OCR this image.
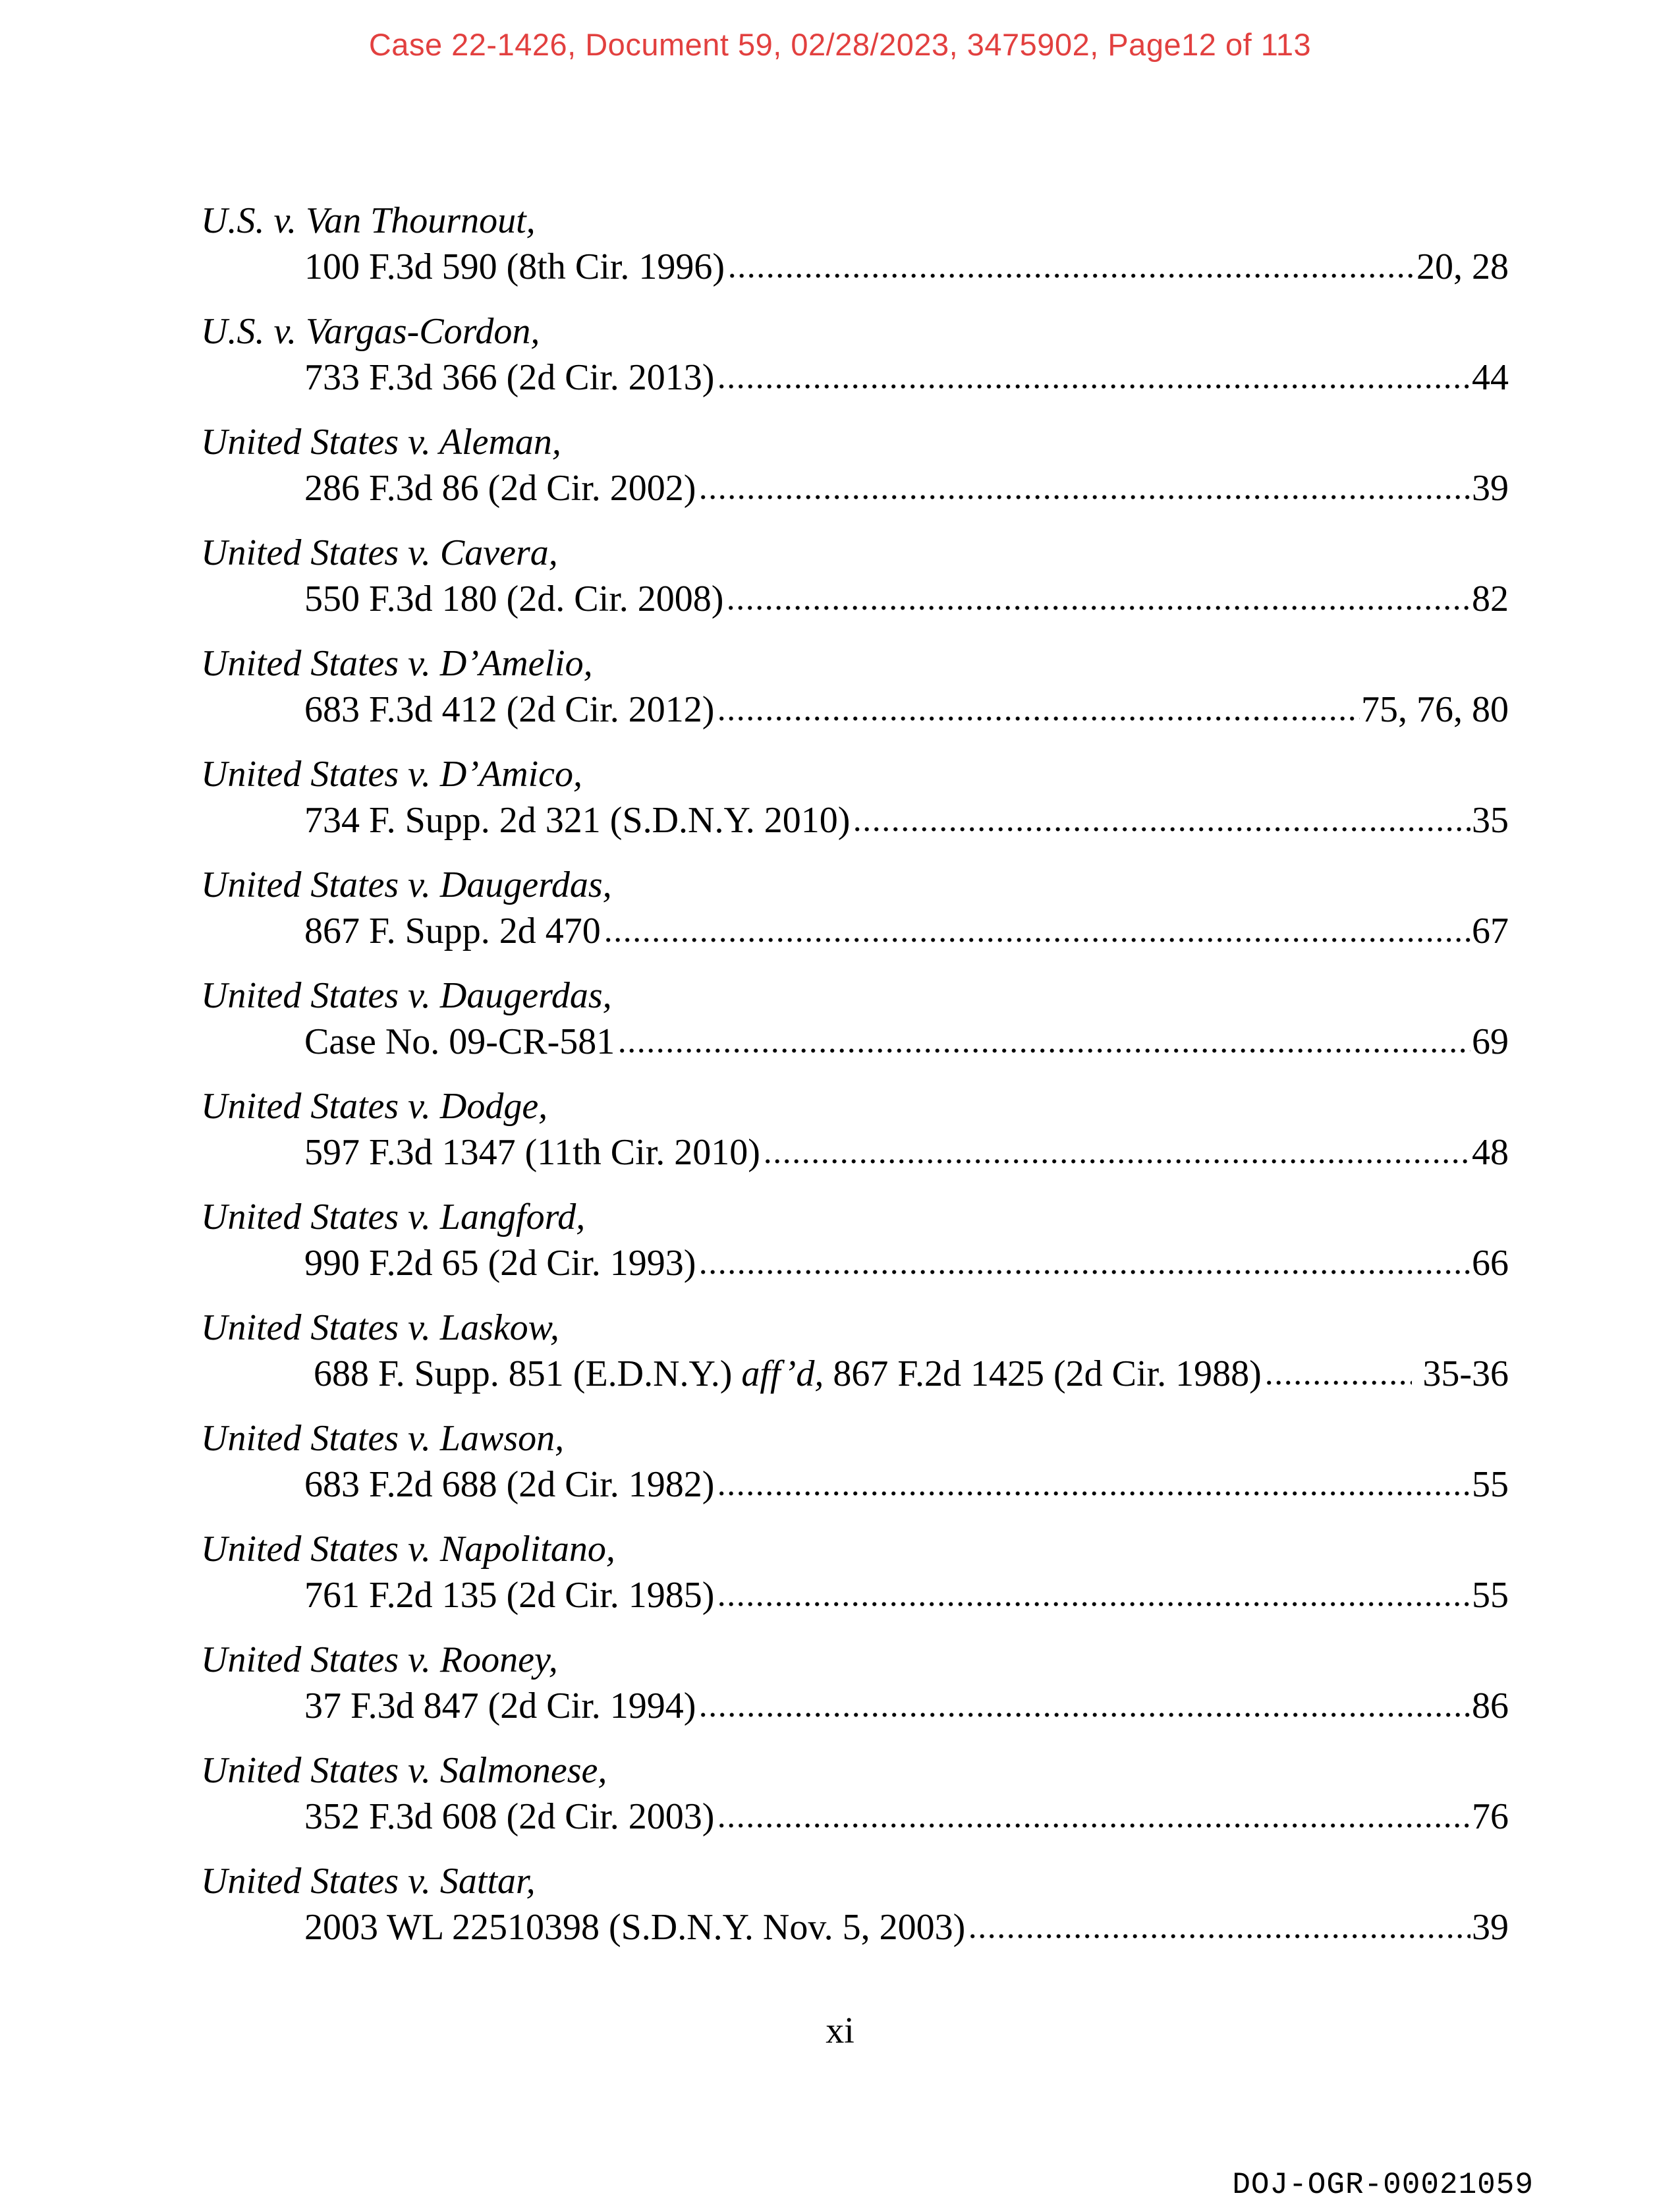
Case 22-1426, Document 59, 02/28/2023, 3475902, Page12 of 113
U.S. v. Van Thournout,
100 F.3d 590 (8th Cir. 1996)	20, 28
U.S. v. Vargas-Cordon,
733 F.3d 366 (2d Cir. 2013)	44
United States v. Aleman,
286 F.3d 86 (2d Cir. 2002)	39
United States v. Cavera,
550 F.3d 180 (2d. Cir. 2008)	82
United States v. D’Amelio,
683 F.3d 412 (2d Cir. 2012)	75, 76, 80
United States v. D’Amico,
734 F. Supp. 2d 321 (S.D.N.Y. 2010)	35
United States v. Daugerdas,
867 F. Supp. 2d 470	67
United States v. Daugerdas,
Case No. 09-CR-581	69
United States v. Dodge,
597 F.3d 1347 (11th Cir. 2010)	48
United States v. Langford,
990 F.2d 65 (2d Cir. 1993)	66
United States v. Laskow,
688 F. Supp. 851 (E.D.N.Y.) aff’d, 867 F.2d 1425 (2d Cir. 1988)	35-36
United States v. Lawson,
683 F.2d 688 (2d Cir. 1982)	55
United States v. Napolitano,
761 F.2d 135 (2d Cir. 1985)	55
United States v. Rooney,
37 F.3d 847 (2d Cir. 1994)	86
United States v. Salmonese,
352 F.3d 608 (2d Cir. 2003)	76
United States v. Sattar,
2003 WL 22510398 (S.D.N.Y. Nov. 5, 2003)	39
xi
DOJ-OGR-00021059
